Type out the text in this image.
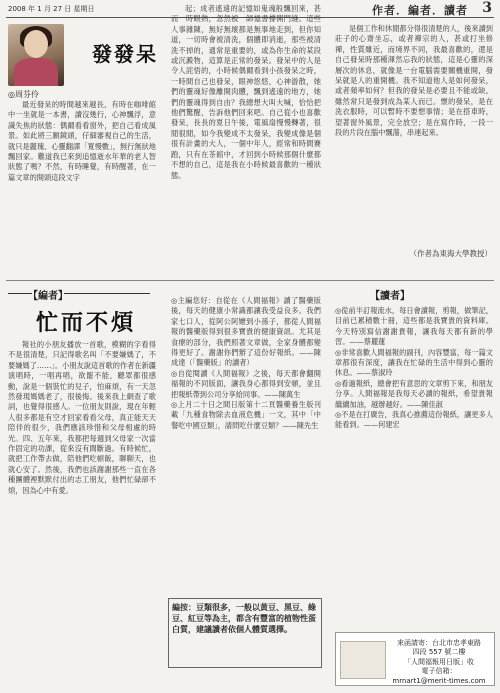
2008 年 1 月 27 日 星期日	作者．編者．讀者 3
發發呆
◎周芬伶
最近發呆的時間越來越長，有時在咖啡館中一坐就是一本書，讀沒幾行，心神飄浮，意識失焦的狀態：偶爾看看窗外，把自己看成風景。如此將三願鏡頭，仔細審視自己的生活，就只是麗瑰、心靈翻譯「寬慢數」，無行無狀地飄回家。難道我已來到追憶逝水年華的老人智狀態了嗎？不然，有時睡覺，有時醒著，在一篇文章的開頭這段文字
起；成者遙遠的記憶如鬼魂般飄回來，甚而一時眼熱，忽然被一師憶書撐開門縫。這些人事雜陳，無好無壞都是無事地走到，但你知道，一切時會被清洗，個體即消逝，那些被清洗不掉的，通常是重要的，或為你生命的某段或沉澱物，這算是正常的發呆。發呆中的人是令人詫悟的，小時候偶爾看到小孩發呆之時，一時間自己也發呆，眼神悠悠，心神游散，她們的靈魂好像離開肉體，飄到遙遠的地方，她們的靈魂得到自由？我總想大叫大喊，恰恰把他們驚醒，告訴他們回來吧。自己從小也喜歡發呆，長長的夏日午後，電風扇慢慢轉著，很閒很閒，如今我變成不太發呆，我變成像是個很有計畫的大人，一個中年人，經常和時間賽跑，只有在茶館中，才回到小時候那個什麼都不想的自己，這是我在小時候最喜歡的一種狀態。
是個工作和休閒都分得很清楚的人，後來讀到莊子的心齋坐忘，或者禪宗的人，甚或打坐修禪，性質雖近，而境界不同，我最喜歡的，還是自己發呆時那種渾然忘我的狀態，這是心靈的深層次的休息，就像是一台電腦需要關機重開，發呆就是人的重開機。我不知道他人是如何發呆，或者頻率如何？但我的發呆是必要且不能或缺，雖然常只是發到成為某人而已。懷的發呆，是在洗衣服時，可以暫時不要想事情；是在搭車時，望著窗外風景，完全放空；是在寫作時，一段一段的片段在腦中飄蕩，串連起來。
（作者為東海大學教授）
【編者】
忙而不煩
報社的小朋友播放一首歌，模糊的字看得不是很清楚，只記得歌名叫「不要嫌媽了，不要嫌媽了……」。小朋友說這首歌的作者在新疆演唱時，一唱再唱，欲罷不能，聽眾都很感動，說是一個裝忙的兒子，怕麻煩，有一天忽然發現媽媽老了，很後悔。後來我上網查了歌詞，也覺得很感人。一位朋友則說，現在年輕人很多都是有空才回家看看父母，真正能天天陪伴的很少，我們應該珍惜和父母相處的時光。四、五年來，我都把每週到父母家一次當作固定的功課，從來沒有間斷過。有時候忙，就把工作帶去做，陪他們吃頓飯，聊聊天，也就心安了。然後，我們也該謝謝那些一直在各種團體裡默默付出的志工朋友，他們忙碌卻不煩，因為心中有愛。
◎主編您好：自從在《人間福報》讀了醫藥版後，每天的健康小常識都讓我受益良多。我們家七口人，從阿公阿嬤到小孫子，都從人間福報的醫藥版得到很多寶貴的健康資訊。尤其是食療的部分，我們照著文章做，全家身體都變得更好了。謝謝你們辦了這份好報紙。——陳成達（「醫藥版」的讀者）
◎自從閱讀《人間福報》之後，每天都會翻開福報的不同版面，讓我身心都得到安頓，並且把報紙帶到公司分享給同事。——陳萬生
◎上月二十日之間日版第十二頁醫藥養生版刊載「九種食物除去血液危機」一文，其中「中餐吃中國豆類」，請問吃什麼豆類？——陳先生
編按：豆類很多，一般以黃豆、黑豆、綠豆、紅豆等為主，都含有豐富的植物性蛋白質，建議讀者依個人體質選擇。
【讀者】
◎從前半訂報流水，每日會讀報，剪報，做筆記，目前已累積數十冊，這些都是我寶貴的資料庫。今天特別寫信謝謝貴報，讓我每天都有新的學習。——蔡麗蓮
◎非常喜歡人間福報的副刊，內容豐富，每一篇文章都很有深度，讓我在忙碌的生活中得到心靈的休息。——蔡淑玲
◎看過報紙，總會把有意思的文章剪下來，和朋友分享。人間福報是我每天必讀的報紙，希望貴報繼續加油，越辦越好。——陳佳淑
◎不是在打廣告，我真心推薦這份報紙，讓更多人能看到。——何建宏
來函請寄：台北市忠孝東路
四段 557 號二樓
「人間福報用日版」收
電子信箱：
mrnart1@merit-times.com
